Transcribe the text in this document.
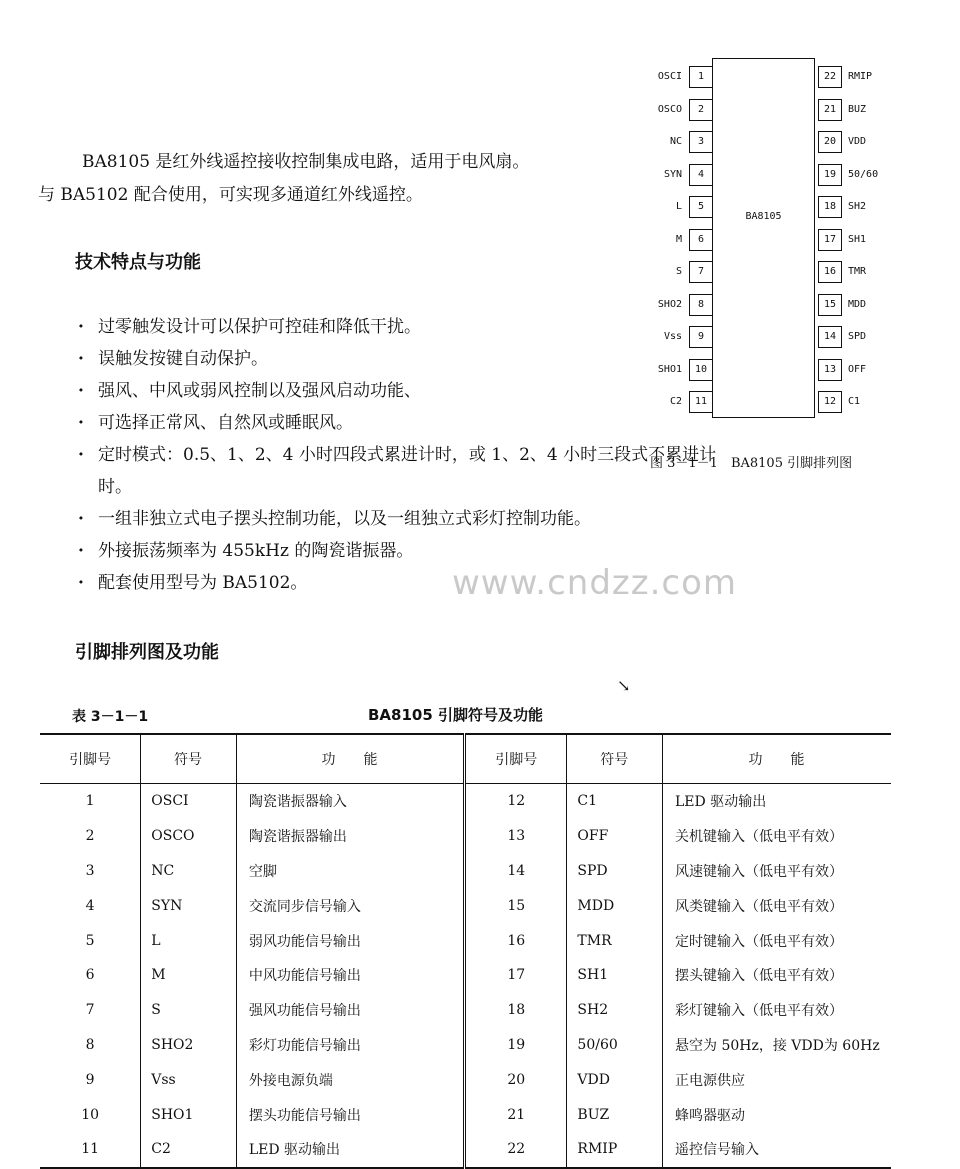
BA8105 是红外线遥控接收控制集成电路，适用于电风扇。

与 BA5102 配合使用，可实现多通道红外线遥控。

技术特点与功能
· 过零触发设计可以保护可控硅和降低干扰。
· 误触发按键自动保护。
· 强风、中风或弱风控制以及强风启动功能、
· 可选择正常风、自然风或睡眠风。
· 定时模式：0.5、1、2、4 小时四段式累进计时，或 1、2、4 小时三段式不累进计时。
· 一组非独立式电子摆头控制功能，以及一组独立式彩灯控制功能。
· 外接振荡频率为 455kHz 的陶瓷谐振器。
· 配套使用型号为 BA5102。
BA8105
OSCI	1
OSCO	2
NC	3
SYN	4
L	5
M	6
S	7
SHO2	8
Vss	9
SHO1	10
C2	11
22	RMIP
21	BUZ
20	VDD
19	50/60
18	SH2
17	SH1
16	TMR
15	MDD
14	SPD
13	OFF
12	C1
图 3－1－1　BA8105 引脚排列图
www.cndzz.com
↘
引脚排列图及功能
表 3－1－1	BA8105 引脚符号及功能
引脚号	符号	功　　能	引脚号	符号	功　　能
1	OSCI	陶瓷谐振器输入	12	C1	LED 驱动输出
2	OSCO	陶瓷谐振器输出	13	OFF	关机键输入（低电平有效）
3	NC	空脚	14	SPD	风速键输入（低电平有效）
4	SYN	交流同步信号输入	15	MDD	风类键输入（低电平有效）
5	L	弱风功能信号输出	16	TMR	定时键输入（低电平有效）
6	M	中风功能信号输出	17	SH1	摆头键输入（低电平有效）
7	S	强风功能信号输出	18	SH2	彩灯键输入（低电平有效）
8	SHO2	彩灯功能信号输出	19	50/60	悬空为 50Hz，接 VDD为 60Hz
9	Vss	外接电源负端	20	VDD	正电源供应
10	SHO1	摆头功能信号输出	21	BUZ	蜂鸣器驱动
11	C2	LED 驱动输出	22	RMIP	遥控信号输入
